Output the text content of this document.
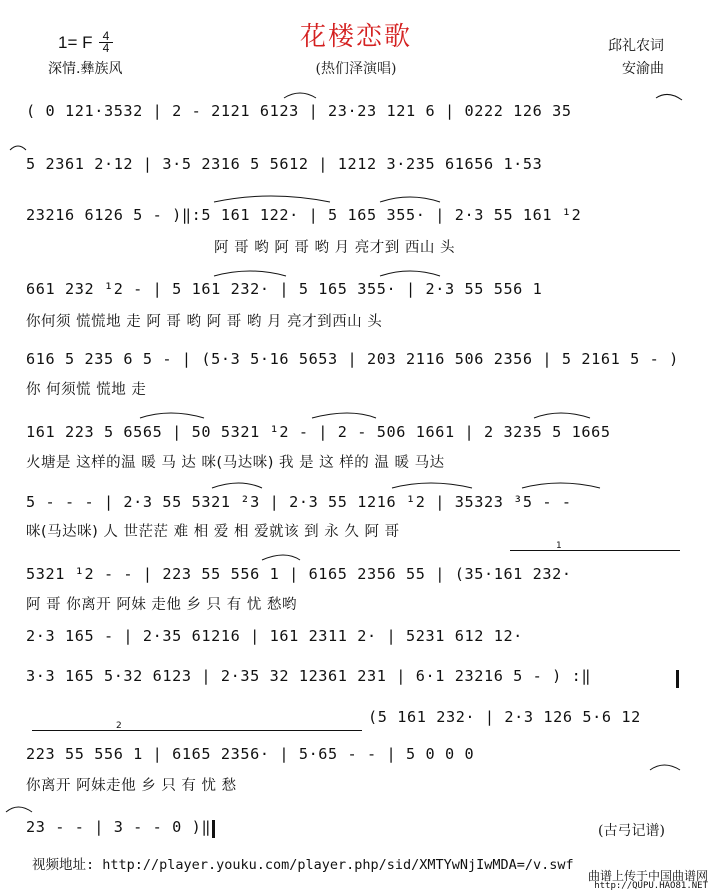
花楼恋歌
(热们泽演唱)
1= F 4
4
深情.彝族风
邱礼农词
安渝曲
( 0 121·3532 | 2 - 2121 6123 | 23·23 121 6 | 0222 126 35
5 2361 2·12 | 3·5 2316 5 5612 | 1212 3·235 61656 1·53
23216 6126 5 - )‖:5 161 122· | 5 165 355· | 2·3 55 161 ¹2
阿 哥 哟 阿 哥 哟 月 亮才到 西山 头
661 232 ¹2 - | 5 161 232· | 5 165 355· | 2·3 55 556 1
你何须 慌慌地 走 阿 哥 哟 阿 哥 哟 月 亮才到西山 头
616 5 235 6 5 - | (5·3 5·16 5653 | 203 2116 506 2356 | 5 2161 5 - )
你 何须慌 慌地 走
161 223 5 6565 | 50 5321 ¹2 - | 2 - 506 1661 | 2 3235 5 1665
火塘是 这样的温 暖 马 达 咪(马达咪) 我 是 这 样的 温 暖 马达
5 - - - | 2·3 55 5321 ²3 | 2·3 55 1216 ¹2 | 35323 ³5 - -
咪(马达咪) 人 世茫茫 难 相 爱 相 爱就该 到 永 久 阿 哥
5321 ¹2 - - | 223 55 556 1 | 6165 2356 55 | (35·161 232·
阿 哥 你离开 阿妹 走他 乡 只 有 忧 愁哟
2·3 165 - | 2·35 61216 | 161 2311 2· | 5231 612 12·
3·3 165 5·32 6123 | 2·35 32 12361 231 | 6·1 23216 5 - ) :‖
(5 161 232· | 2·3 126 5·6 12
223 55 556 1 | 6165 2356· | 5·65 - - | 5 0 0 0
你离开 阿妹走他 乡 只 有 忧 愁
23 - - | 3 - - 0 )‖
1
2
(古弓记谱)
视频地址: http://player.youku.com/player.php/sid/XMTYwNjIwMDA=/v.swf
曲谱上传于中国曲谱网
http://QUPU.HAO81.NET
